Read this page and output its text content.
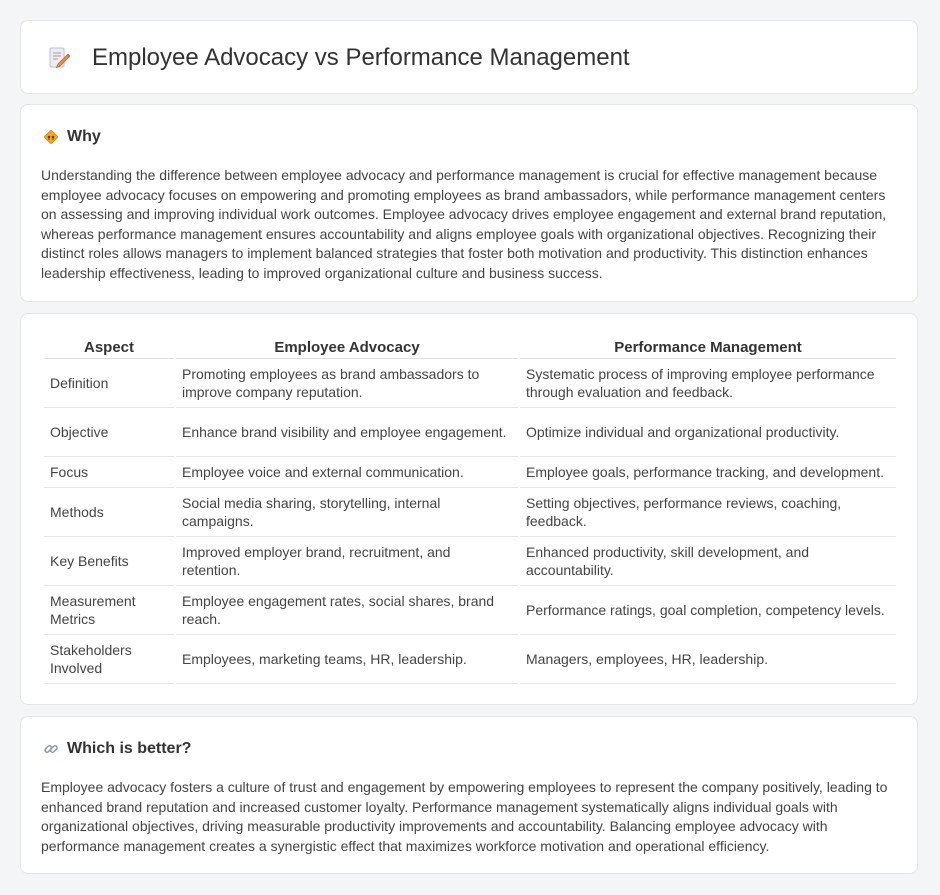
Employee Advocacy vs Performance Management
Why

Understanding the difference between employee advocacy and performance management is crucial for effective management because employee advocacy focuses on empowering and promoting employees as brand ambassadors, while performance management centers on assessing and improving individual work outcomes. Employee advocacy drives employee engagement and external brand reputation, whereas performance management ensures accountability and aligns employee goals with organizational objectives. Recognizing their distinct roles allows managers to implement balanced strategies that foster both motivation and productivity. This distinction enhances leadership effectiveness, leading to improved organizational culture and business success.

Aspect	Employee Advocacy	Performance Management
Definition	Promoting employees as brand ambassadors to improve company reputation.	Systematic process of improving employee performance through evaluation and feedback.
Objective	Enhance brand visibility and employee engagement.	Optimize individual and organizational productivity.
Focus	Employee voice and external communication.	Employee goals, performance tracking, and development.
Methods	Social media sharing, storytelling, internal campaigns.	Setting objectives, performance reviews, coaching, feedback.
Key Benefits	Improved employer brand, recruitment, and retention.	Enhanced productivity, skill development, and accountability.
Measurement Metrics	Employee engagement rates, social shares, brand reach.	Performance ratings, goal completion, competency levels.
Stakeholders Involved	Employees, marketing teams, HR, leadership.	Managers, employees, HR, leadership.
Which is better?

Employee advocacy fosters a culture of trust and engagement by empowering employees to represent the company positively, leading to enhanced brand reputation and increased customer loyalty. Performance management systematically aligns individual goals with organizational objectives, driving measurable productivity improvements and accountability. Balancing employee advocacy with performance management creates a synergistic effect that maximizes workforce motivation and operational efficiency.
